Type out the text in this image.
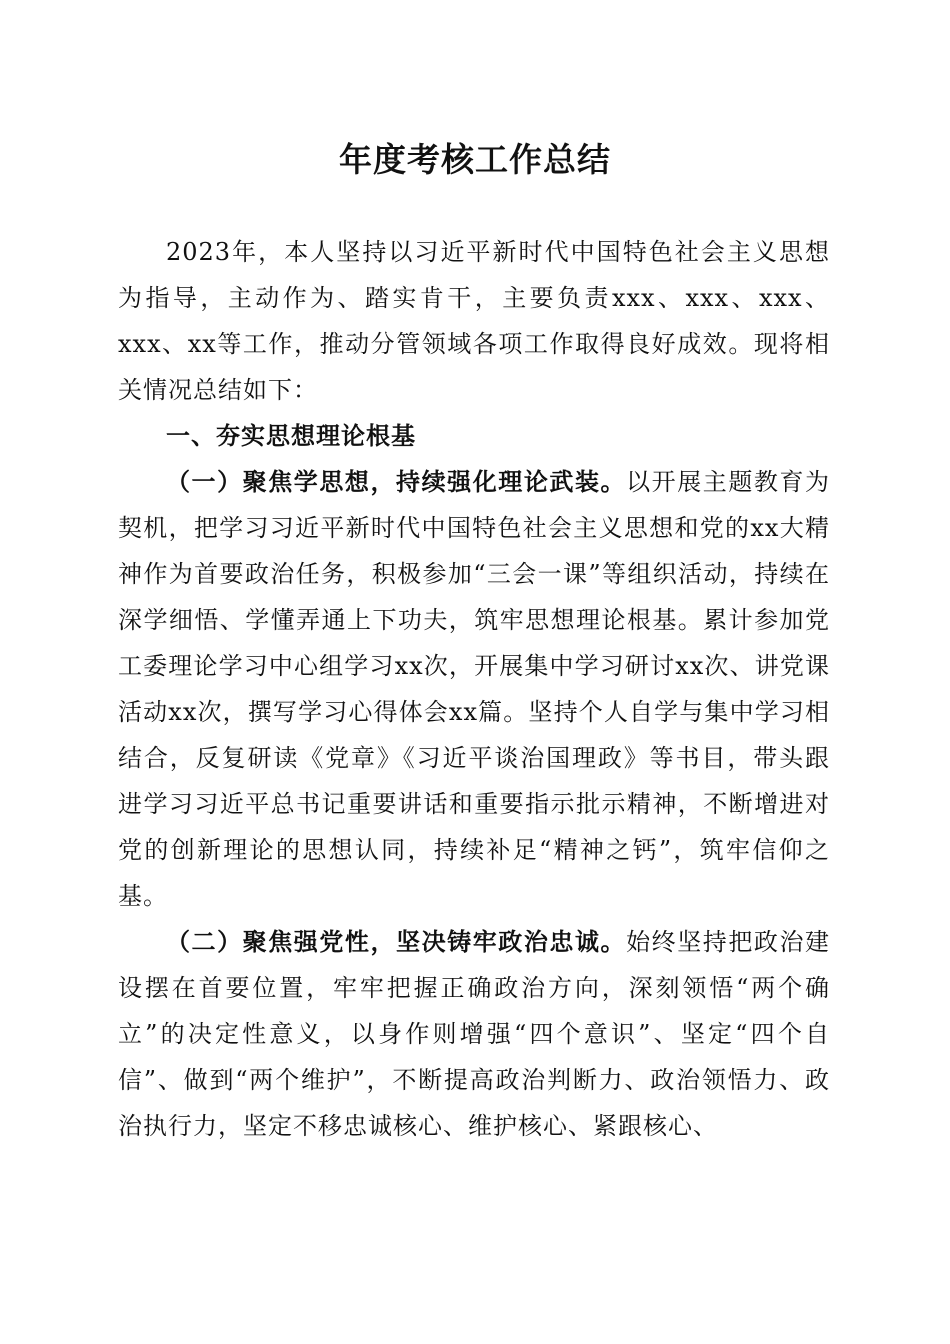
年度考核工作总结

2023年，本人坚持以习近平新时代中国特色社会主义思想为指导，主动作为、踏实肯干，主要负责xxx、xxx、xxx、xxx、xx等工作，推动分管领域各项工作取得良好成效。现将相关情况总结如下：

一、夯实思想理论根基

（一）聚焦学思想，持续强化理论武装。以开展主题教育为契机，把学习习近平新时代中国特色社会主义思想和党的xx大精神作为首要政治任务，积极参加“三会一课”等组织活动，持续在深学细悟、学懂弄通上下功夫，筑牢思想理论根基。累计参加党工委理论学习中心组学习xx次，开展集中学习研讨xx次、讲党课活动xx次，撰写学习心得体会xx篇。坚持个人自学与集中学习相结合，反复研读《党章》《习近平谈治国理政》等书目，带头跟进学习习近平总书记重要讲话和重要指示批示精神，不断增进对党的创新理论的思想认同，持续补足“精神之钙”，筑牢信仰之基。

（二）聚焦强党性，坚决铸牢政治忠诚。始终坚持把政治建设摆在首要位置，牢牢把握正确政治方向，深刻领悟“两个确立”的决定性意义，以身作则增强“四个意识”、坚定“四个自信”、做到“两个维护”，不断提高政治判断力、政治领悟力、政治执行力，坚定不移忠诚核心、维护核心、紧跟核心、
